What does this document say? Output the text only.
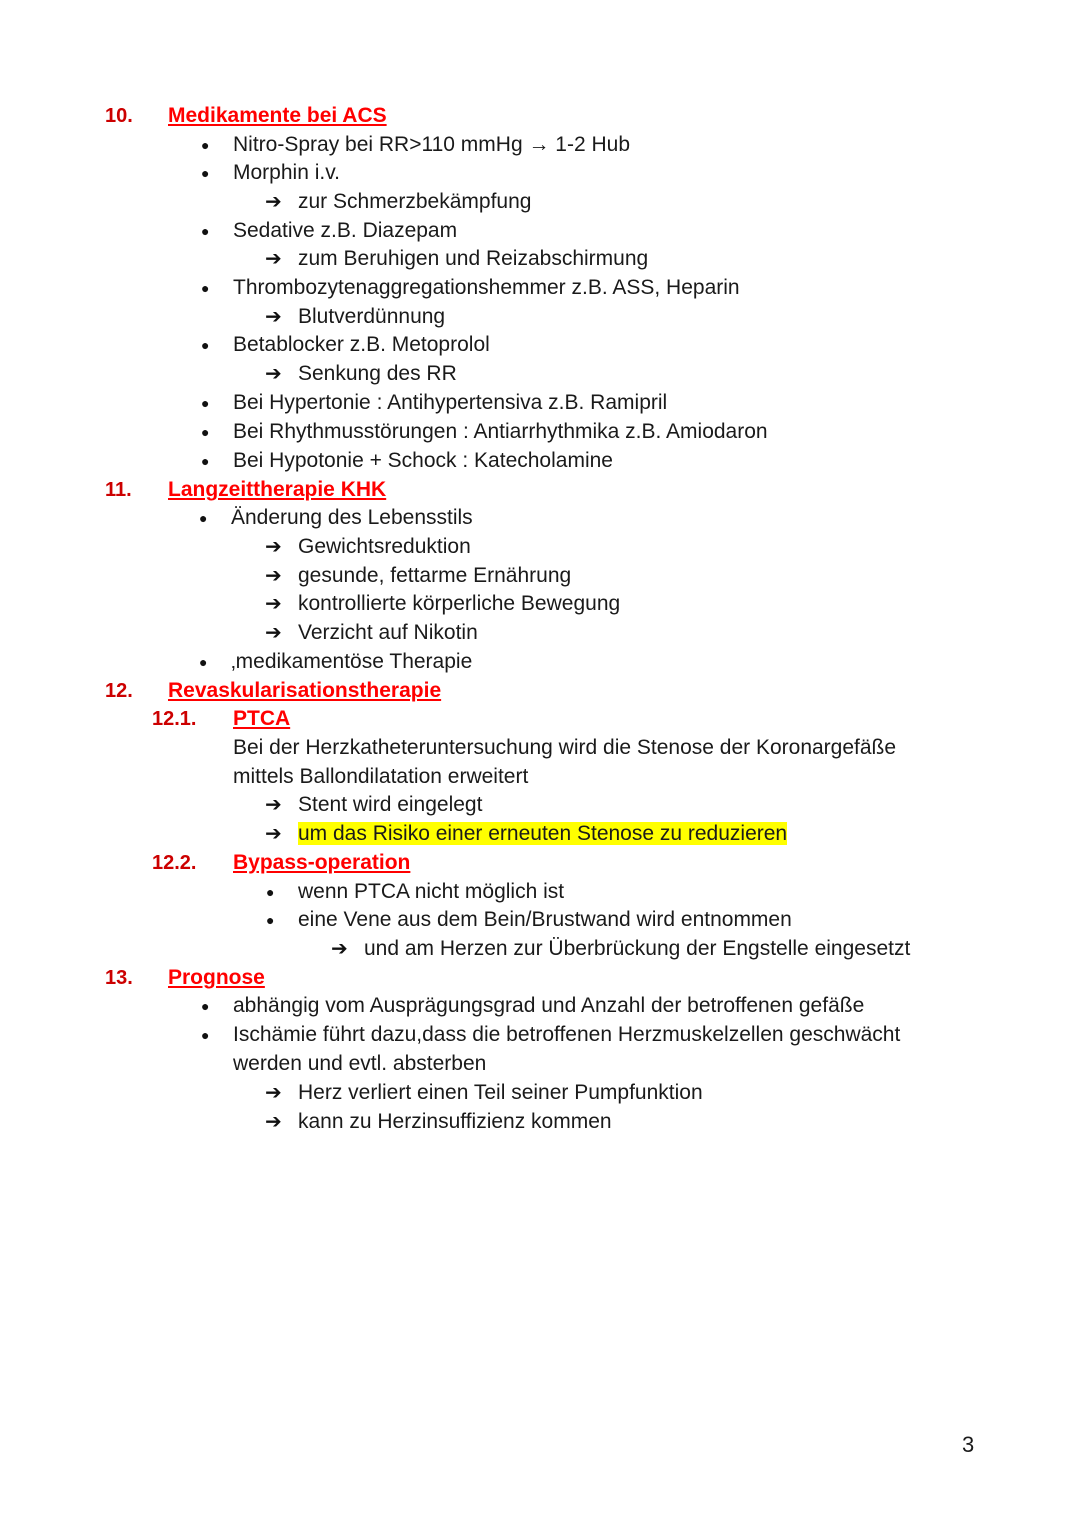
10. Medikamente bei ACS
● Nitro-Spray bei RR>110 mmHg → 1-2 Hub
● Morphin i.v.
➔ zur Schmerzbekämpfung
● Sedative z.B. Diazepam
➔ zum Beruhigen und Reizabschirmung
● Thrombozytenaggregationshemmer z.B. ASS, Heparin
➔ Blutverdünnung
● Betablocker z.B. Metoprolol
➔ Senkung des RR
● Bei Hypertonie : Antihypertensiva z.B. Ramipril
● Bei Rhythmusstörungen : Antiarrhythmika z.B. Amiodaron
● Bei Hypotonie + Schock : Katecholamine
11. Langzeittherapie KHK
● Änderung des Lebensstils
➔ Gewichtsreduktion
➔ gesunde, fettarme Ernährung
➔ kontrollierte körperliche Bewegung
➔ Verzicht auf Nikotin
● ‚medikamentöse Therapie
12. Revaskularisationstherapie
12.1. PTCA
Bei der Herzkatheteruntersuchung wird die Stenose der Koronargefäße
mittels Ballondilatation erweitert
➔ Stent wird eingelegt
➔ um das Risiko einer erneuten Stenose zu reduzieren
12.2. Bypass-operation
● wenn PTCA nicht möglich ist
● eine Vene aus dem Bein/Brustwand wird entnommen
➔ und am Herzen zur Überbrückung der Engstelle eingesetzt
13. Prognose
● abhängig vom Ausprägungsgrad und Anzahl der betroffenen gefäße
● Ischämie führt dazu,dass die betroffenen Herzmuskelzellen geschwächt
werden und evtl. absterben
➔ Herz verliert einen Teil seiner Pumpfunktion
➔ kann zu Herzinsuffizienz kommen
3
